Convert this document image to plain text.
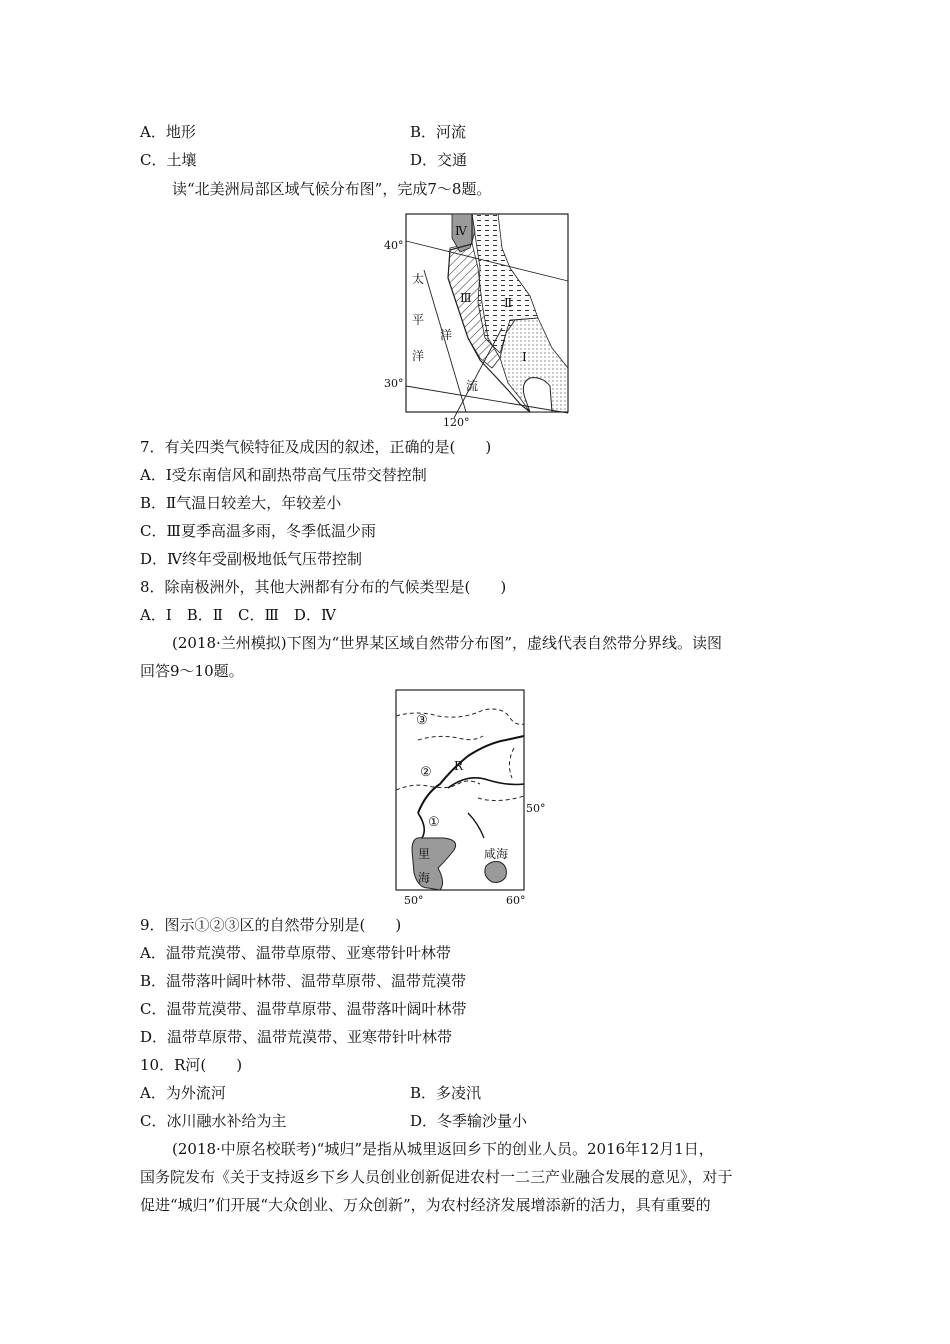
A．地形	B．河流
C．土壤	D．交通
读“北美洲局部区域气候分布图”，完成7～8题。
40°
30°
120°
太
平
洋
洋
流
Ⅰ
Ⅱ
Ⅲ
Ⅳ
7．有关四类气候特征及成因的叙述，正确的是(　　)
A．Ⅰ受东南信风和副热带高气压带交替控制
B．Ⅱ气温日较差大，年较差小
C．Ⅲ夏季高温多雨，冬季低温少雨
D．Ⅳ终年受副极地低气压带控制
8．除南极洲外，其他大洲都有分布的气候类型是(　　)
A．Ⅰ　B．Ⅱ　C．Ⅲ　D．Ⅳ
(2018·兰州模拟)下图为“世界某区域自然带分布图”，虚线代表自然带分界线。读图
回答9～10题。
③
②
①
R
50°
50°	60°
里
海
咸海
9．图示①②③区的自然带分别是(　　)
A．温带荒漠带、温带草原带、亚寒带针叶林带
B．温带落叶阔叶林带、温带草原带、温带荒漠带
C．温带荒漠带、温带草原带、温带落叶阔叶林带
D．温带草原带、温带荒漠带、亚寒带针叶林带
10．R河(　　)
A．为外流河	B．多凌汛
C．冰川融水补给为主	D．冬季输沙量小
(2018·中原名校联考)“城归”是指从城里返回乡下的创业人员。2016年12月1日，
国务院发布《关于支持返乡下乡人员创业创新促进农村一二三产业融合发展的意见》，对于
促进“城归”们开展“大众创业、万众创新”，为农村经济发展增添新的活力，具有重要的
